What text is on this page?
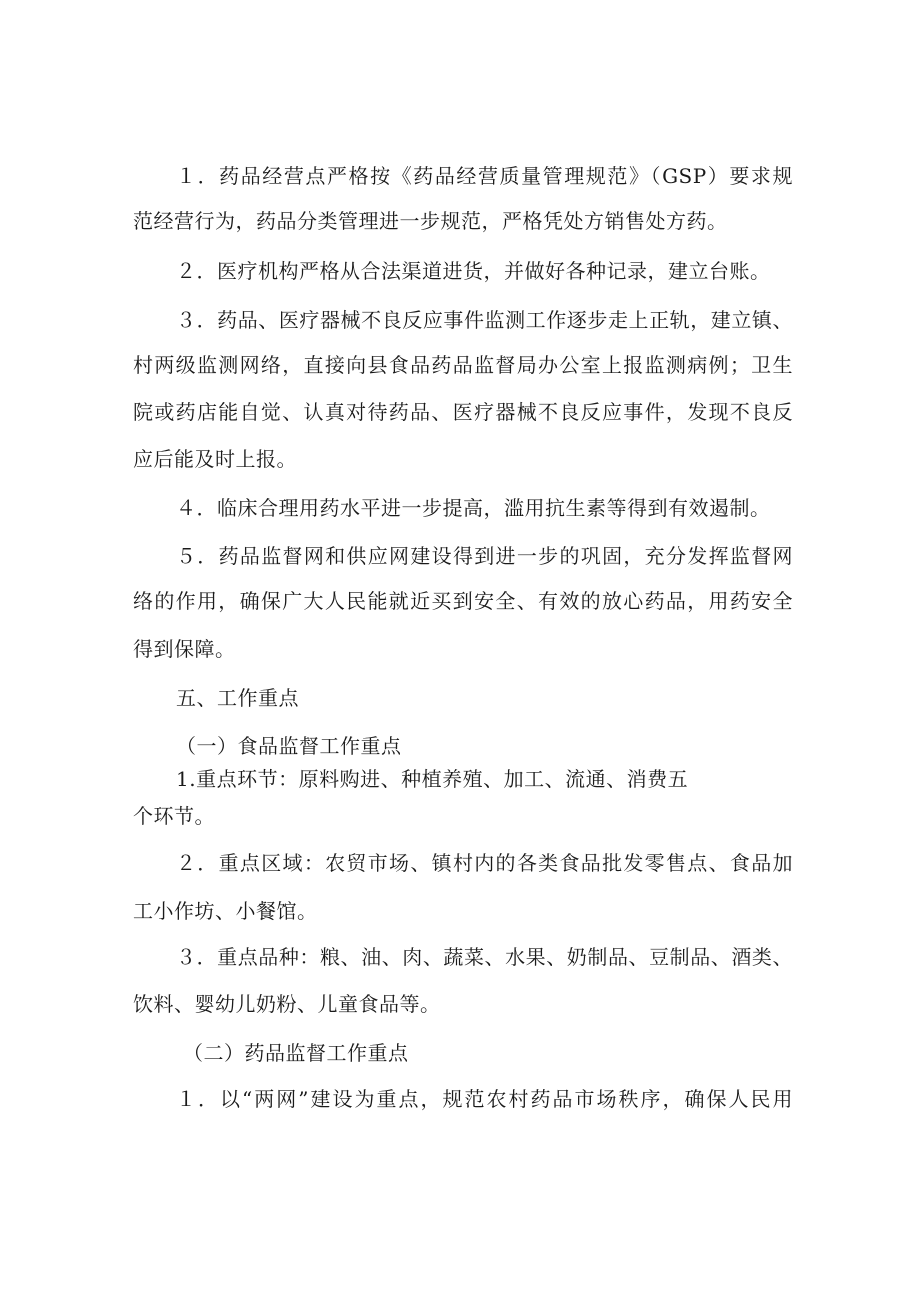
１．药品经营点严格按《药品经营质量管理规范》（GSP）要求规
范经营行为，药品分类管理进一步规范，严格凭处方销售处方药。
２．医疗机构严格从合法渠道进货，并做好各种记录，建立台账。
３．药品、医疗器械不良反应事件监测工作逐步走上正轨，建立镇、
村两级监测网络，直接向县食品药品监督局办公室上报监测病例；卫生
院或药店能自觉、认真对待药品、医疗器械不良反应事件，发现不良反
应后能及时上报。
４．临床合理用药水平进一步提高，滥用抗生素等得到有效遏制。
５．药品监督网和供应网建设得到进一步的巩固，充分发挥监督网
络的作用，确保广大人民能就近买到安全、有效的放心药品，用药安全
得到保障。
五、工作重点
（一）食品监督工作重点
1.重点环节：原料购进、种植养殖、加工、流通、消费五
个环节。
２．重点区域：农贸市场、镇村内的各类食品批发零售点、食品加
工小作坊、小餐馆。
３．重点品种：粮、油、肉、蔬菜、水果、奶制品、豆制品、酒类、
饮料、婴幼儿奶粉、儿童食品等。
（二）药品监督工作重点
１．以“两网”建设为重点，规范农村药品市场秩序，确保人民用
